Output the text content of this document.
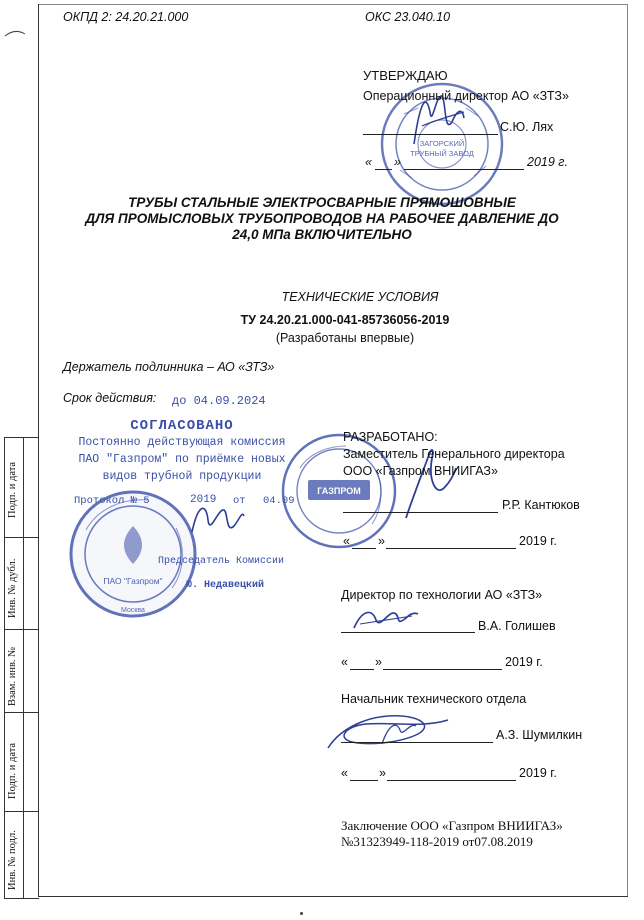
ОКПД 2: 24.20.21.000	ОКС 23.040.10
ЗАГОРСКИЙ
ТРУБНЫЙ ЗАВОД
УТВЕРЖДАЮ
Операционный директор АО «ЗТЗ»
С.Ю. Лях
« »	2019 г.
ТРУБЫ СТАЛЬНЫЕ ЭЛЕКТРОСВАРНЫЕ ПРЯМОШОВНЫЕ
ДЛЯ ПРОМЫСЛОВЫХ ТРУБОПРОВОДОВ НА РАБОЧЕЕ ДАВЛЕНИЕ ДО
24,0 МПа ВКЛЮЧИТЕЛЬНО
ТЕХНИЧЕСКИЕ УСЛОВИЯ
ТУ 24.20.21.000-041-85736056-2019
(Разработаны впервые)
Держатель подлинника – АО «ЗТЗ»
Срок действия: до 04.09.2024
СОГЛАСОВАНО
Постоянно действующая комиссия
ПАО "Газпром" по приёмке новых
видов трубной продукции
Протокол № 5	2019 от 04.09
Председатель Комиссии
Ю. Недавецкий
ПАО "Газпром"
Москва
ГАЗПРОМ
РАЗРАБОТАНО:
Заместитель Генерального директора
ООО «Газпром ВНИИГАЗ»
Р.Р. Кантюков
« »	2019 г.
Директор по технологии АО «ЗТЗ»
В.А. Голишев
« »	2019 г.
Начальник технического отдела
А.З. Шумилкин
« »	2019 г.
Заключение ООО «Газпром ВНИИГАЗ»
№31323949-118-2019 от07.08.2019
Подп. и дата
Инв. № дубл.
Взам. инв. №
Подп. и дата
Инв. № подл.
